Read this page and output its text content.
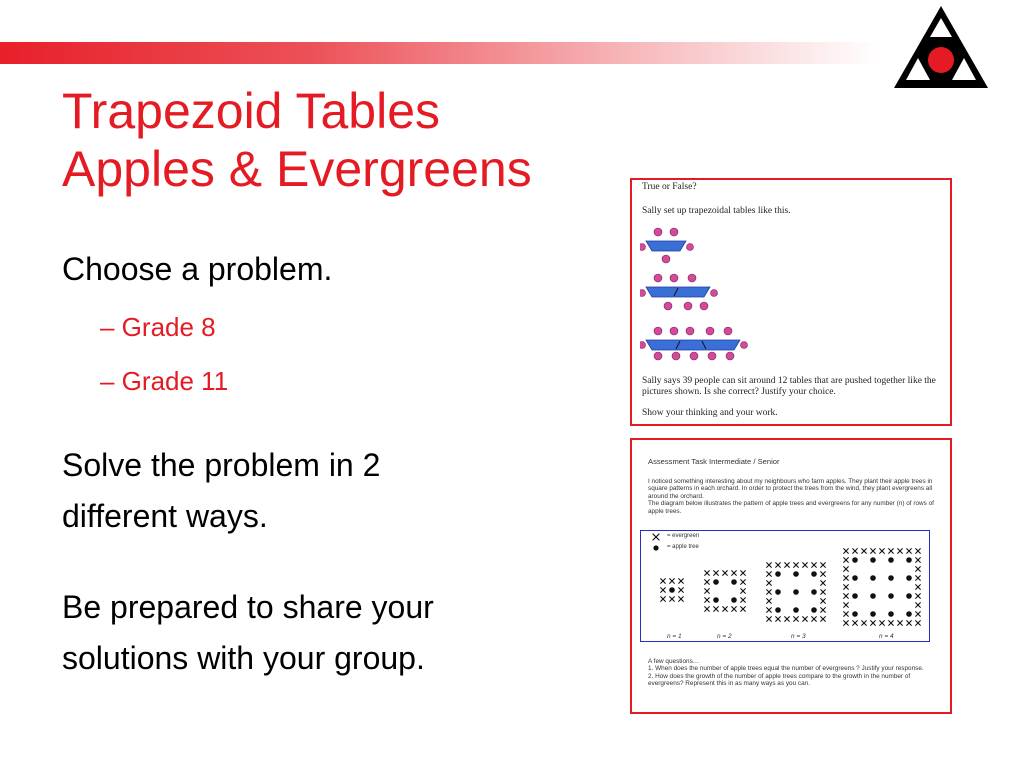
Trapezoid Tables
Apples & Evergreens

Choose a problem.

– Grade 8
– Grade 11

Solve the problem in 2
different ways.

Be prepared to share your
solutions with your group.

True or False?

Sally set up trapezoidal tables like this.

Sally says 39 people can sit around 12 tables that are pushed together like the
pictures shown. Is she correct? Justify your choice.

Show your thinking and your work.

Assessment Task Intermediate / Senior

I noticed something interesting about my neighbours who farm apples. They plant their apple trees in
square patterns in each orchard. In order to protect the trees from the wind, they plant evergreens all
around the orchard.
The diagram below illustrates the pattern of apple trees and evergreens for any number (n) of rows of
apple trees.
= evergreen
= apple tree
n = 1	n = 2	n = 3	n = 4
A few questions…
1. When does the number of apple trees equal the number of evergreens ? Justify your response.
2. How does the growth of the number of apple trees compare to the growth in the number of
evergreens? Represent this in as many ways as you can.
